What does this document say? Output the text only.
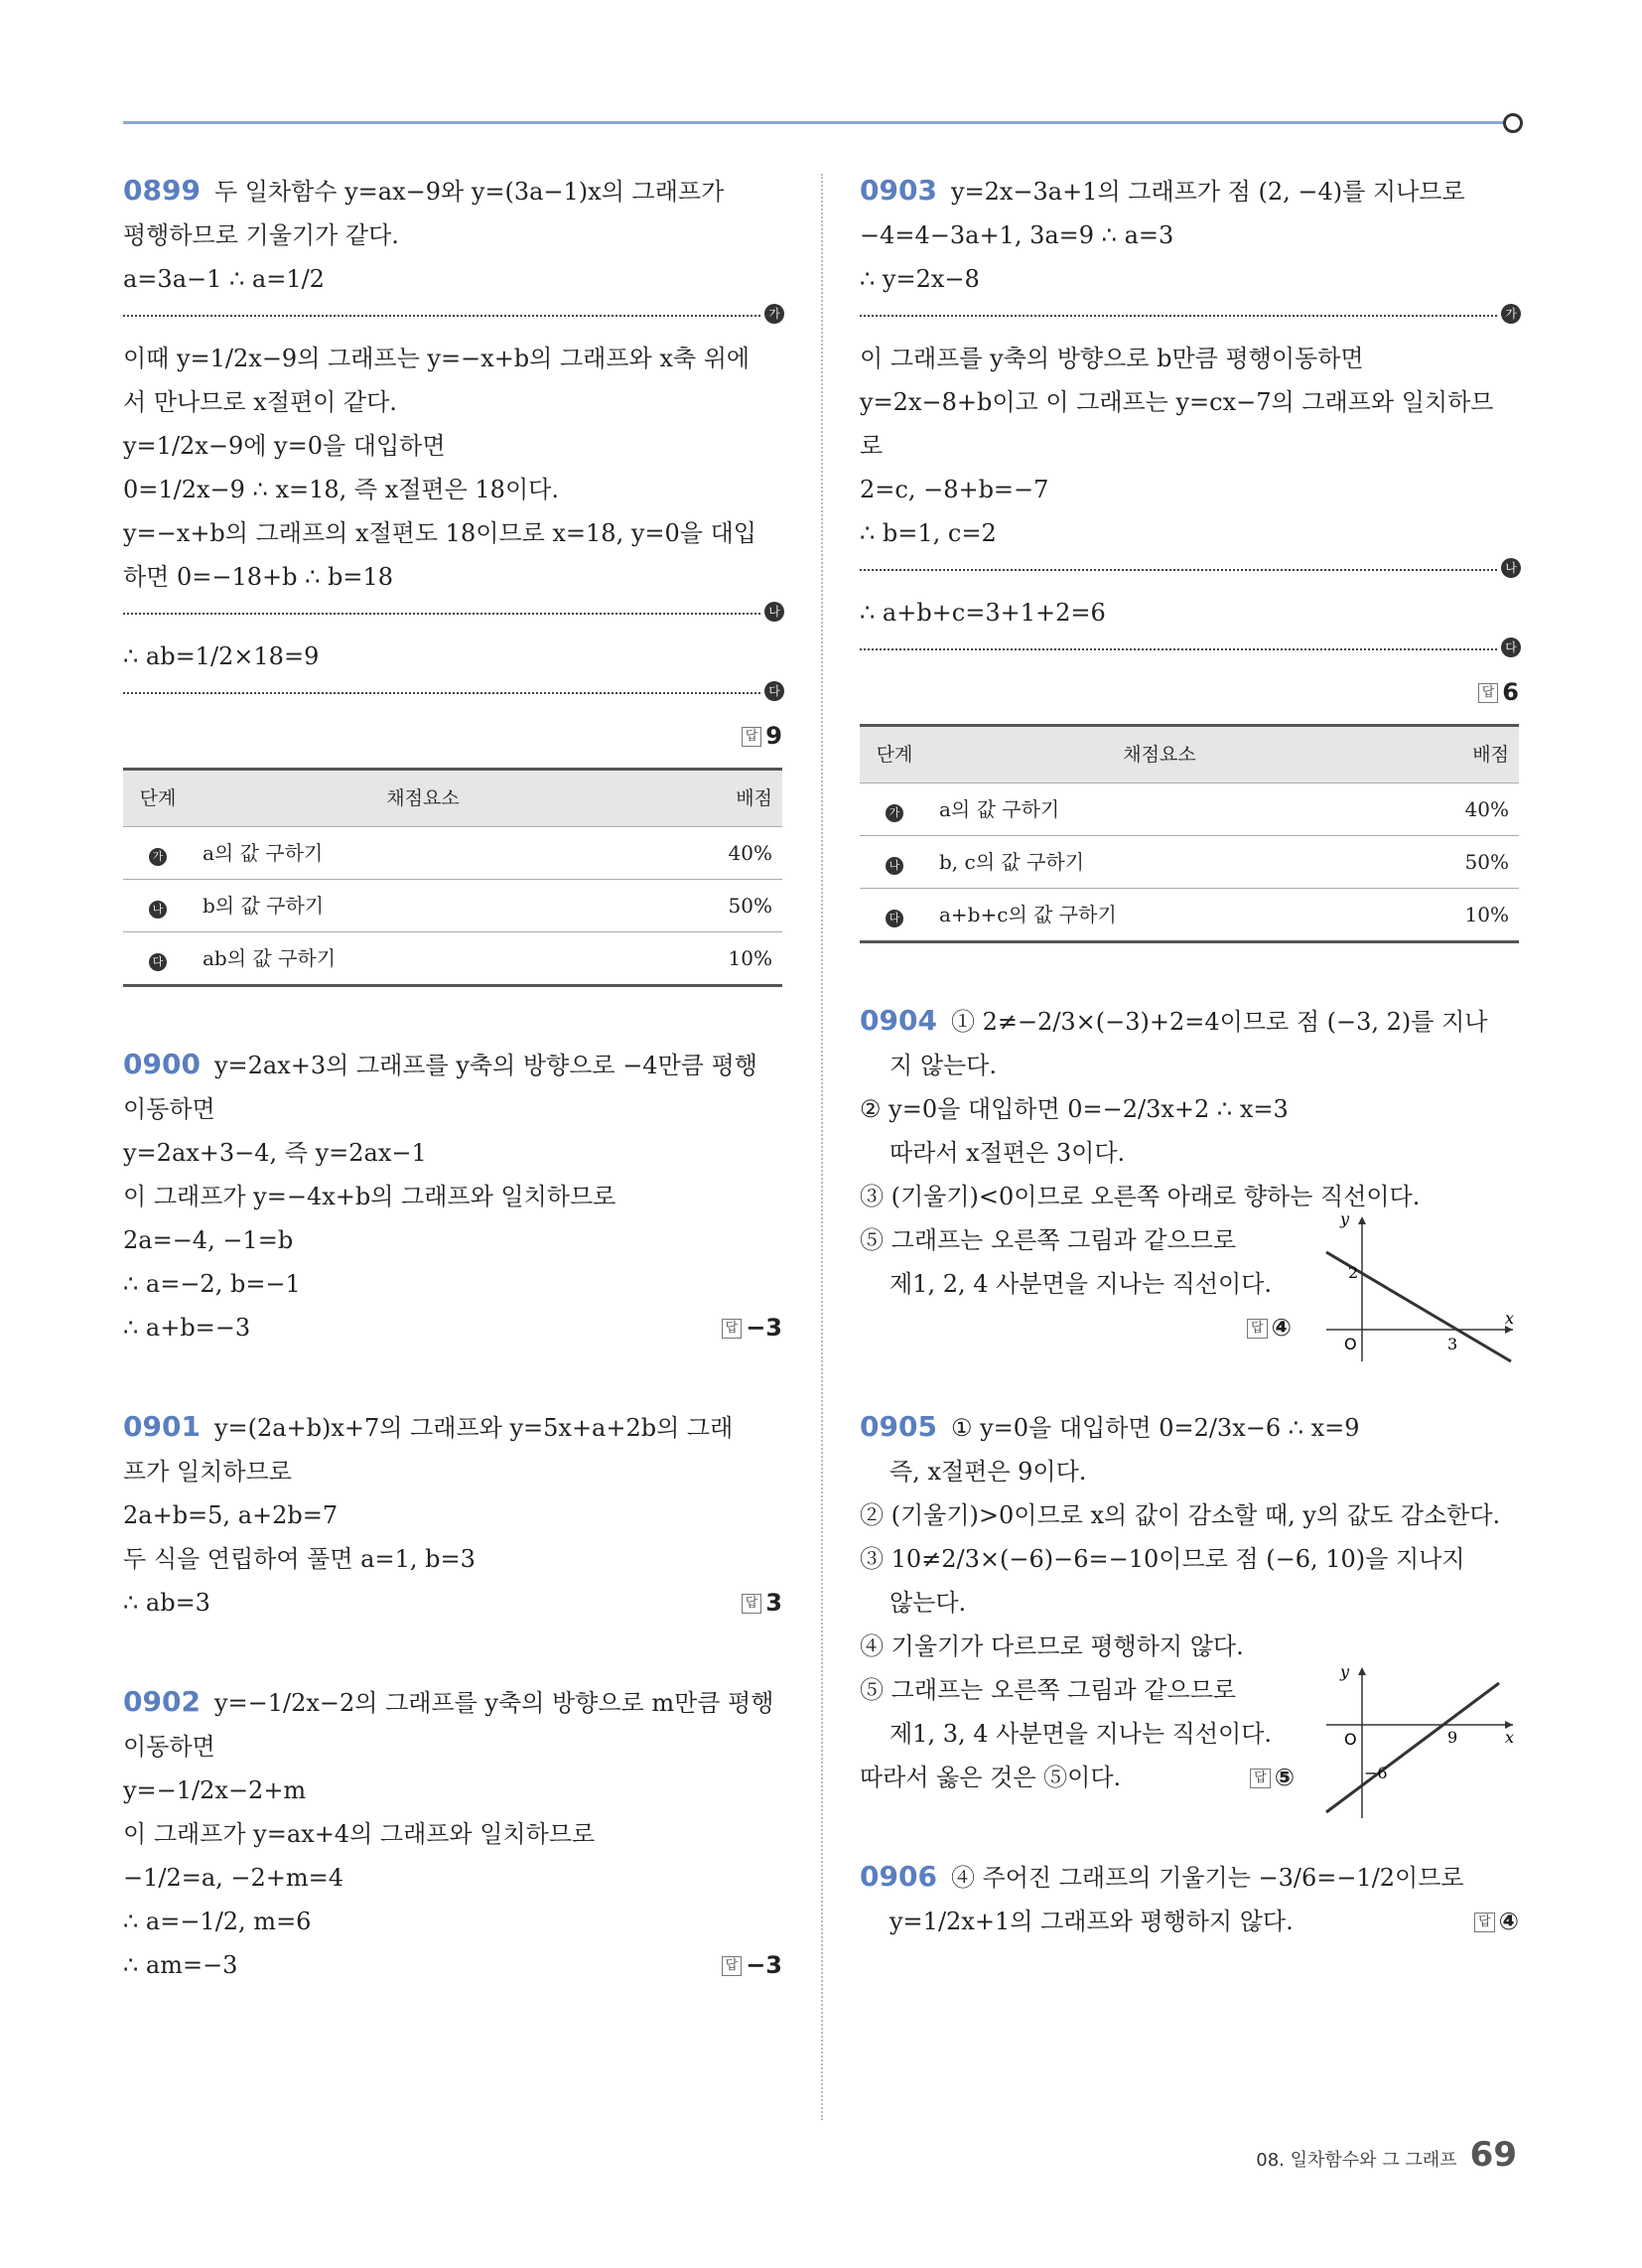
0899 두 일차함수 y=ax−9와 y=(3a−1)x의 그래프가
평행하므로 기울기가 같다.
a=3a−1 ∴ a=1/2
가
이때 y=1/2x−9의 그래프는 y=−x+b의 그래프와 x축 위에
서 만나므로 x절편이 같다.
y=1/2x−9에 y=0을 대입하면
0=1/2x−9 ∴ x=18, 즉 x절편은 18이다.
y=−x+b의 그래프의 x절편도 18이므로 x=18, y=0을 대입
하면 0=−18+b ∴ b=18
나
∴ ab=1/2×18=9
다
답 9
단계	채점요소	배점
가	a의 값 구하기	40%
나	b의 값 구하기	50%
다	ab의 값 구하기	10%
0900 y=2ax+3의 그래프를 y축의 방향으로 −4만큼 평행
이동하면
y=2ax+3−4, 즉 y=2ax−1
이 그래프가 y=−4x+b의 그래프와 일치하므로
2a=−4, −1=b
∴ a=−2, b=−1
∴ a+b=−3	답 −3
0901 y=(2a+b)x+7의 그래프와 y=5x+a+2b의 그래
프가 일치하므로
2a+b=5, a+2b=7
두 식을 연립하여 풀면 a=1, b=3
∴ ab=3	답 3
0902 y=−1/2x−2의 그래프를 y축의 방향으로 m만큼 평행
이동하면
y=−1/2x−2+m
이 그래프가 y=ax+4의 그래프와 일치하므로
−1/2=a, −2+m=4
∴ a=−1/2, m=6
∴ am=−3	답 −3
0903 y=2x−3a+1의 그래프가 점 (2, −4)를 지나므로
−4=4−3a+1, 3a=9 ∴ a=3
∴ y=2x−8
가
이 그래프를 y축의 방향으로 b만큼 평행이동하면
y=2x−8+b이고 이 그래프는 y=cx−7의 그래프와 일치하므
로
2=c, −8+b=−7
∴ b=1, c=2
나
∴ a+b+c=3+1+2=6
다
답 6
단계	채점요소	배점
가	a의 값 구하기	40%
나	b, c의 값 구하기	50%
다	a+b+c의 값 구하기	10%
0904 ① 2≠−2/3×(−3)+2=4이므로 점 (−3, 2)를 지나
지 않는다.
② y=0을 대입하면 0=−2/3x+2 ∴ x=3
따라서 x절편은 3이다.
③ (기울기)<0이므로 오른쪽 아래로 향하는 직선이다.
⑤ 그래프는 오른쪽 그림과 같으므로
제1, 2, 4 사분면을 지나는 직선이다.
답 ④
y
x
O
2
3
0905 ① y=0을 대입하면 0=2/3x−6 ∴ x=9
즉, x절편은 9이다.
② (기울기)>0이므로 x의 값이 감소할 때, y의 값도 감소한다.
③ 10≠2/3×(−6)−6=−10이므로 점 (−6, 10)을 지나지
않는다.
④ 기울기가 다르므로 평행하지 않다.
⑤ 그래프는 오른쪽 그림과 같으므로
제1, 3, 4 사분면을 지나는 직선이다.
따라서 옳은 것은 ⑤이다.	답 ⑤
y
x
O
−6
9
0906 ④ 주어진 그래프의 기울기는 −3/6=−1/2이므로
y=1/2x+1의 그래프와 평행하지 않다.	답 ④
08. 일차함수와 그 그래프 69
